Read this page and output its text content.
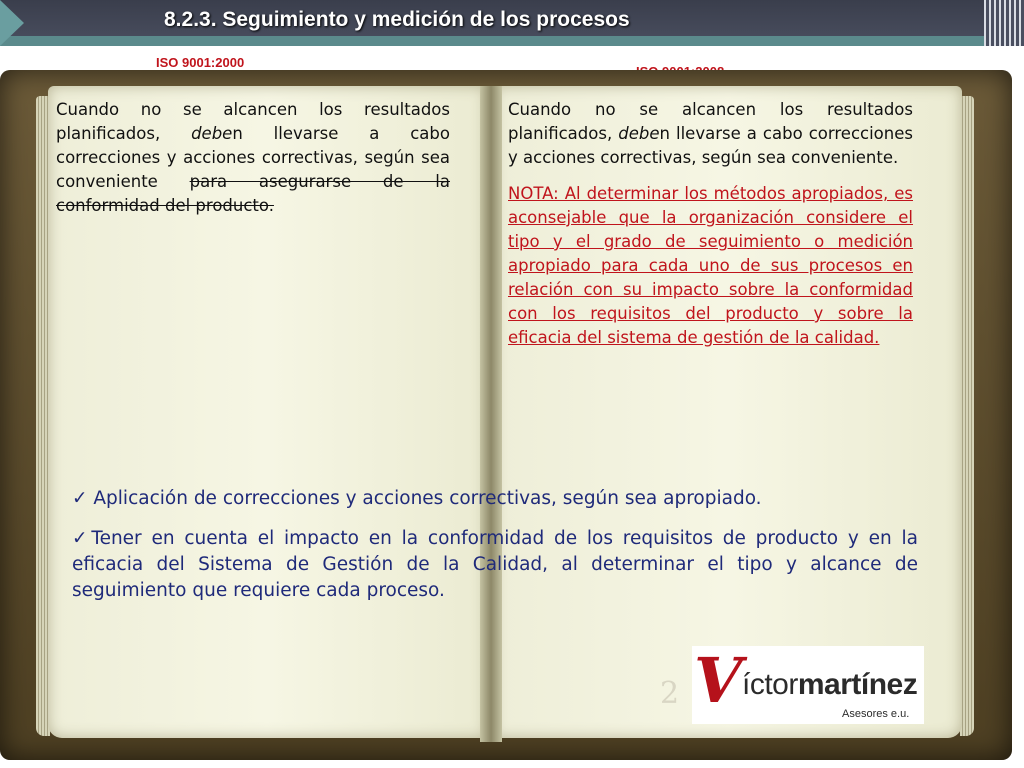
8.2.3. Seguimiento y medición de los procesos
ISO 9001:2000
Cuando no se alcancen los resultados planificados, deben llevarse a cabo correcciones y acciones correctivas, según sea conveniente para asegurarse de la conformidad del producto.
Cuando no se alcancen los resultados planificados, deben llevarse a cabo correcciones y acciones correctivas, según sea conveniente.
NOTA: Al determinar los métodos apropiados, es aconsejable que la organización considere el tipo y el grado de seguimiento o medición apropiado para cada uno de sus procesos en relación con su impacto sobre la conformidad con los requisitos del producto y sobre la eficacia del sistema de gestión de la calidad.
✓ Aplicación de correcciones y acciones correctivas, según sea apropiado.
✓Tener en cuenta el impacto en la conformidad de los requisitos de producto y en la eficacia del Sistema de Gestión de la Calidad, al determinar el tipo y alcance de seguimiento que requiere cada proceso.
2 V íctormartínez
Asesores e.u.
